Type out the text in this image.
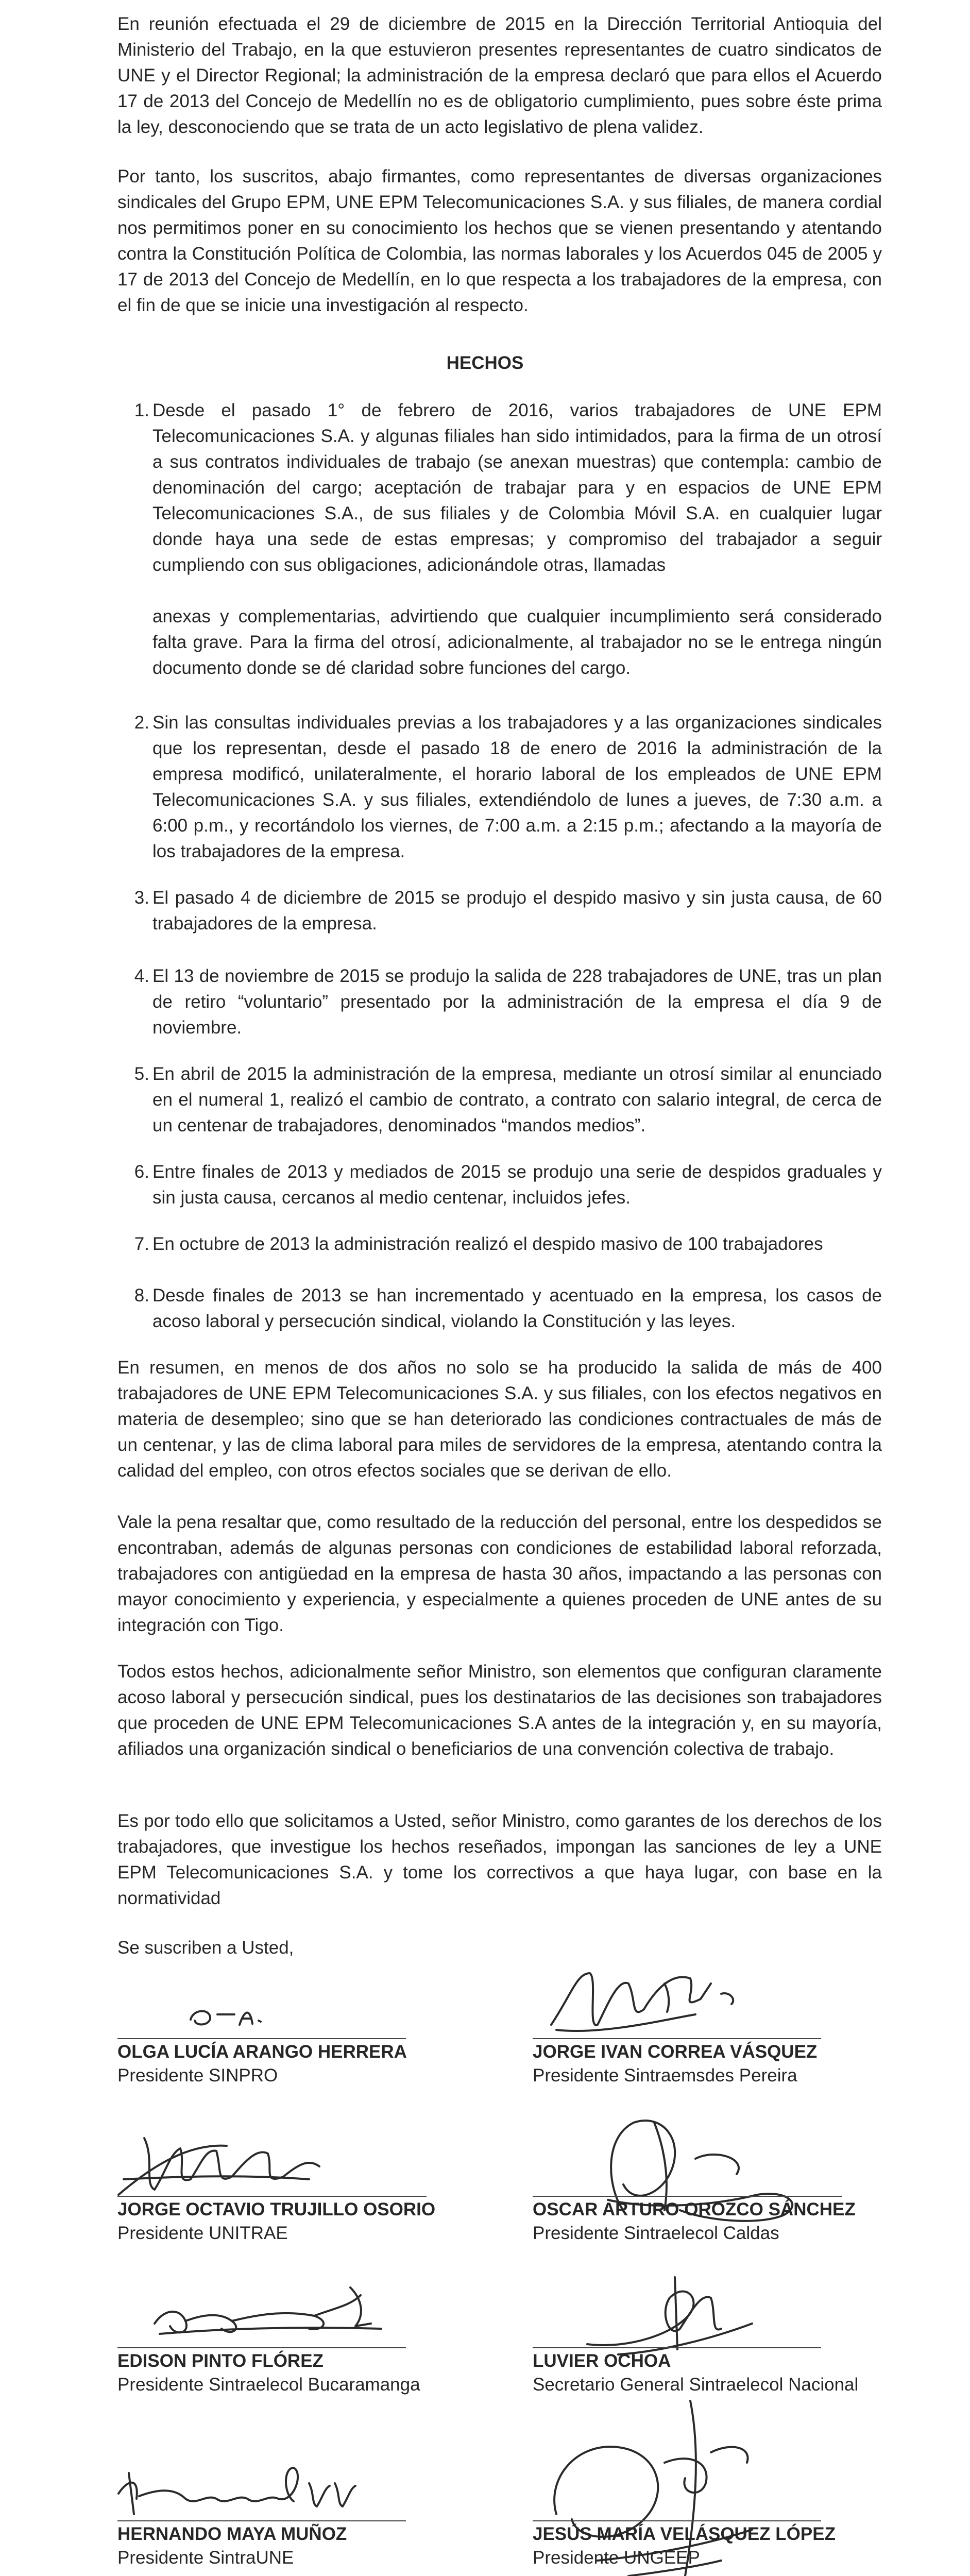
En reunión efectuada el 29 de diciembre de 2015 en la Dirección Territorial Antioquia del Ministerio del Trabajo, en la que estuvieron presentes representantes de cuatro sindicatos de UNE y el Director Regional; la administración de la empresa declaró que para ellos el Acuerdo 17 de 2013 del Concejo de Medellín no es de obligatorio cumplimiento, pues sobre éste prima la ley, desconociendo que se trata de un acto legislativo de plena validez.

Por tanto, los suscritos, abajo firmantes, como representantes de diversas organizaciones sindicales del Grupo EPM, UNE EPM Telecomunicaciones S.A. y sus filiales, de manera cordial nos permitimos poner en su conocimiento los hechos que se vienen presentando y atentando contra la Constitución Política de Colombia, las normas laborales y los Acuerdos 045 de 2005 y 17 de 2013 del Concejo de Medellín, en lo que respecta a los trabajadores de la empresa, con el fin de que se inicie una investigación al respecto.

HECHOS

1. Desde el pasado 1° de febrero de 2016, varios trabajadores de UNE EPM Telecomunicaciones S.A. y algunas filiales han sido intimidados, para la firma de un otrosí a sus contratos individuales de trabajo (se anexan muestras) que contempla: cambio de denominación del cargo; aceptación de trabajar para y en espacios de UNE EPM Telecomunicaciones S.A., de sus filiales y de Colombia Móvil S.A. en cualquier lugar donde haya una sede de estas empresas; y compromiso del trabajador a seguir cumpliendo con sus obligaciones, adicionándole otras, llamadas

anexas y complementarias, advirtiendo que cualquier incumplimiento será considerado falta grave. Para la firma del otrosí, adicionalmente, al trabajador no se le entrega ningún documento donde se dé claridad sobre funciones del cargo.

2. Sin las consultas individuales previas a los trabajadores y a las organizaciones sindicales que los representan, desde el pasado 18 de enero de 2016 la administración de la empresa modificó, unilateralmente, el horario laboral de los empleados de UNE EPM Telecomunicaciones S.A. y sus filiales, extendiéndolo de lunes a jueves, de 7:30 a.m. a 6:00 p.m., y recortándolo los viernes, de 7:00 a.m. a 2:15 p.m.; afectando a la mayoría de los trabajadores de la empresa.

3. El pasado 4 de diciembre de 2015 se produjo el despido masivo y sin justa causa, de 60 trabajadores de la empresa.

4. El 13 de noviembre de 2015 se produjo la salida de 228 trabajadores de UNE, tras un plan de retiro “voluntario” presentado por la administración de la empresa el día 9 de noviembre.

5. En abril de 2015 la administración de la empresa, mediante un otrosí similar al enunciado en el numeral 1, realizó el cambio de contrato, a contrato con salario integral, de cerca de un centenar de trabajadores, denominados “mandos medios”.

6. Entre finales de 2013 y mediados de 2015 se produjo una serie de despidos graduales y sin justa causa, cercanos al medio centenar, incluidos jefes.

7. En octubre de 2013 la administración realizó el despido masivo de 100 trabajadores

8. Desde finales de 2013 se han incrementado y acentuado en la empresa, los casos de acoso laboral y persecución sindical, violando la Constitución y las leyes.

En resumen, en menos de dos años no solo se ha producido la salida de más de 400 trabajadores de UNE EPM Telecomunicaciones S.A. y sus filiales, con los efectos negativos en materia de desempleo; sino que se han deteriorado las condiciones contractuales de más de un centenar, y las de clima laboral para miles de servidores de la empresa, atentando contra la calidad del empleo, con otros efectos sociales que se derivan de ello.

Vale la pena resaltar que, como resultado de la reducción del personal, entre los despedidos se encontraban, además de algunas personas con condiciones de estabilidad laboral reforzada, trabajadores con antigüedad en la empresa de hasta 30 años, impactando a las personas con mayor conocimiento y experiencia, y especialmente a quienes proceden de UNE antes de su integración con Tigo.

Todos estos hechos, adicionalmente señor Ministro, son elementos que configuran claramente acoso laboral y persecución sindical, pues los destinatarios de las decisiones son trabajadores que proceden de UNE EPM Telecomunicaciones S.A antes de la integración y, en su mayoría, afiliados una organización sindical o beneficiarios de una convención colectiva de trabajo.

Es por todo ello que solicitamos a Usted, señor Ministro, como garantes de los derechos de los trabajadores, que investigue los hechos reseñados, impongan las sanciones de ley a UNE EPM Telecomunicaciones S.A. y tome los correctivos a que haya lugar, con base en la normatividad

Se suscriben a Usted,

OLGA LUCÍA ARANGO HERRERA
Presidente SINPRO
JORGE IVAN CORREA VÁSQUEZ
Presidente Sintraemsdes Pereira
JORGE OCTAVIO TRUJILLO OSORIO
Presidente UNITRAE
OSCAR ARTURO OROZCO SÁNCHEZ
Presidente Sintraelecol Caldas
EDISON PINTO FLÓREZ
Presidente Sintraelecol Bucaramanga
LUVIER OCHOA
Secretario General Sintraelecol Nacional
HERNANDO MAYA MUÑOZ
Presidente SintraUNE
JESÚS MARÍA VELÁSQUEZ LÓPEZ
Presidente UNGEEP
